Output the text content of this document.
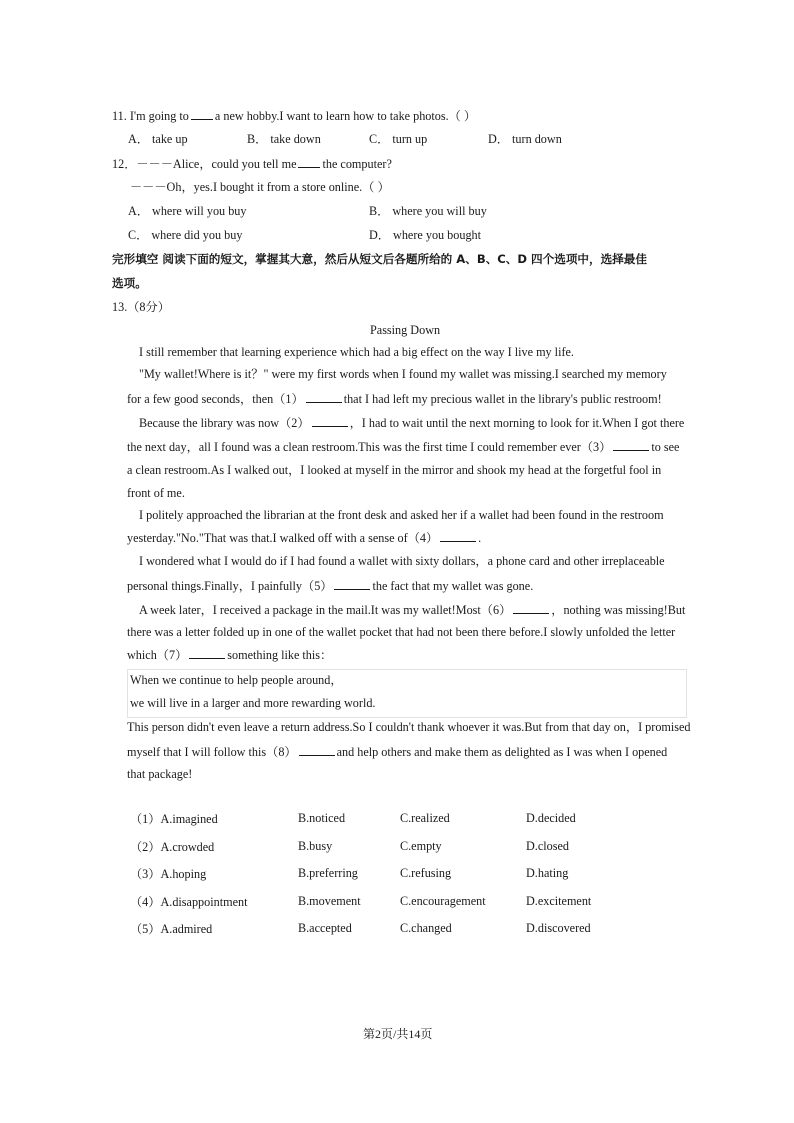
11. I'm going to a new hobby.I want to learn how to take photos.（ ）
A． take up	B． take down	C． turn up	D． turn down
12．－－－Alice，could you tell me the computer?
－－－Oh，yes.I bought it from a store online.（ ）
A． where will you buy	B． where you will buy
C． where did you buy	D． where you bought
完形填空 阅读下面的短文，掌握其大意，然后从短文后各题所给的 A、B、C、D 四个选项中，选择最佳
选项。
13.（8分）
Passing Down
I still remember that learning experience which had a big effect on the way I live my life.
"My wallet!Where is it？" were my first words when I found my wallet was missing.I searched my memory
for a few good seconds，then（1）	that I had left my precious wallet in the library's public restroom!
Because the library was now（2）	，I had to wait until the next morning to look for it.When I got there
the next day，all I found was a clean restroom.This was the first time I could remember ever（3）	to see
a clean restroom.As I walked out，I looked at myself in the mirror and shook my head at the forgetful fool in
front of me.
I politely approached the librarian at the front desk and asked her if a wallet had been found in the restroom
yesterday."No."That was that.I walked off with a sense of（4）	.
I wondered what I would do if I had found a wallet with sixty dollars，a phone card and other irreplaceable
personal things.Finally，I painfully（5）	the fact that my wallet was gone.
A week later，I received a package in the mail.It was my wallet!Most（6）	，nothing was missing!But
there was a letter folded up in one of the wallet pocket that had not been there before.I slowly unfolded the letter
which（7）	something like this：
When we continue to help people around，
we will live in a larger and more rewarding world.
This person didn't even leave a return address.So I couldn't thank whoever it was.But from that day on，I promised
myself that I will follow this（8）	and help others and make them as delighted as I was when I opened
that package!
（1）A.imagined	B.noticed	C.realized	D.decided
（2）A.crowded	B.busy	C.empty	D.closed
（3）A.hoping	B.preferring	C.refusing	D.hating
（4）A.disappointment	B.movement	C.encouragement	D.excitement
（5）A.admired	B.accepted	C.changed	D.discovered
第2页/共14页
